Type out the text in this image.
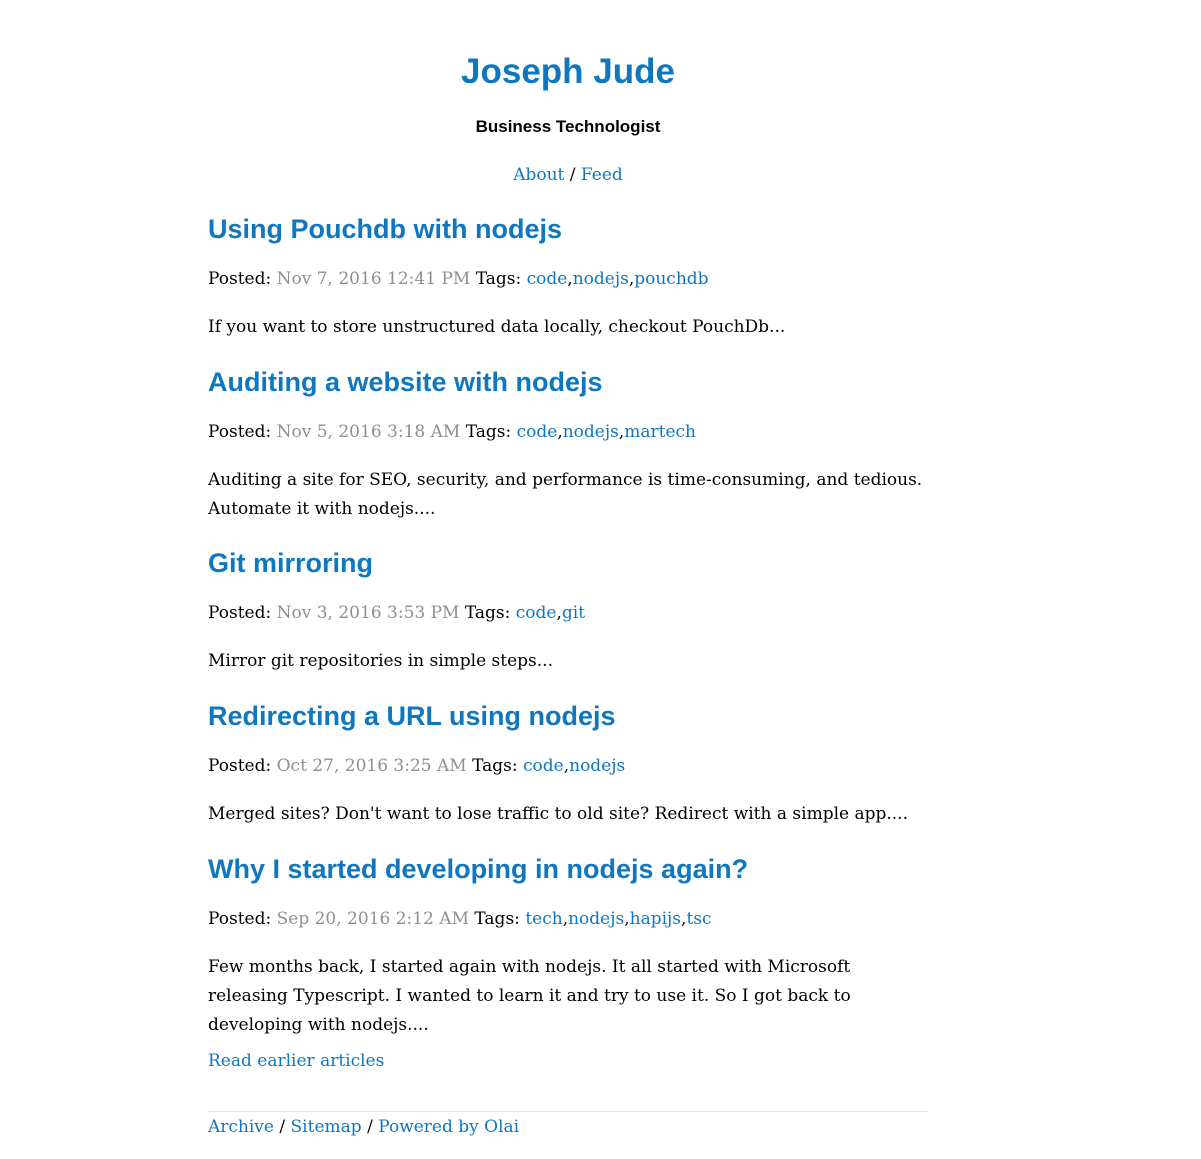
Joseph Jude
Business Technologist
About / Feed
Using Pouchdb with nodejs
Posted: Nov 7, 2016 12:41 PM Tags: code,nodejs,pouchdb
If you want to store unstructured data locally, checkout PouchDb...
Auditing a website with nodejs
Posted: Nov 5, 2016 3:18 AM Tags: code,nodejs,martech
Auditing a site for SEO, security, and performance is time-consuming, and tedious. Automate it with nodejs....
Git mirroring
Posted: Nov 3, 2016 3:53 PM Tags: code,git
Mirror git repositories in simple steps...
Redirecting a URL using nodejs
Posted: Oct 27, 2016 3:25 AM Tags: code,nodejs
Merged sites? Don't want to lose traffic to old site? Redirect with a simple app....
Why I started developing in nodejs again?
Posted: Sep 20, 2016 2:12 AM Tags: tech,nodejs,hapijs,tsc
Few months back, I started again with nodejs. It all started with Microsoft releasing Typescript. I wanted to learn it and try to use it. So I got back to developing with nodejs....
Read earlier articles
Archive / Sitemap / Powered by Olai
